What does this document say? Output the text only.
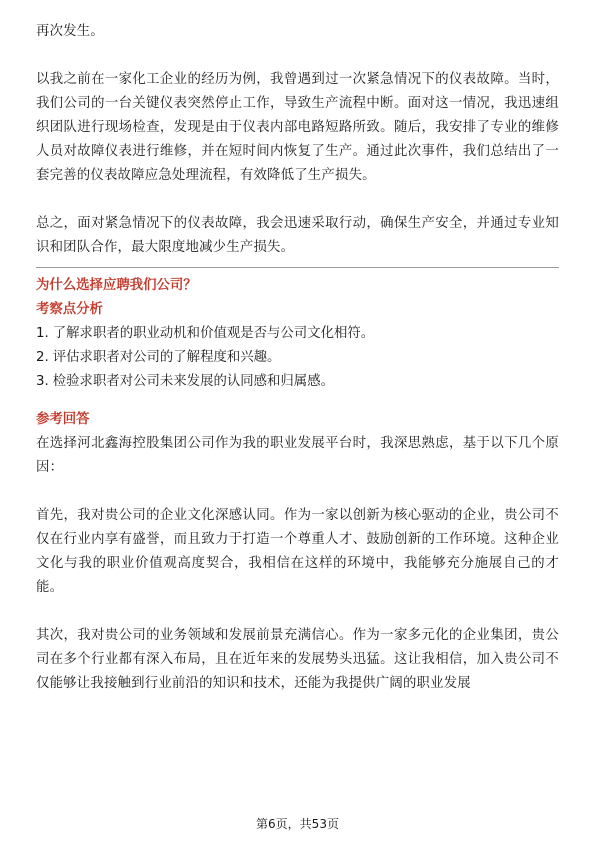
再次发生。

以我之前在一家化工企业的经历为例，我曾遇到过一次紧急情况下的仪表故障。当时，我们公司的一台关键仪表突然停止工作，导致生产流程中断。面对这一情况，我迅速组织团队进行现场检查，发现是由于仪表内部电路短路所致。随后，我安排了专业的维修人员对故障仪表进行维修，并在短时间内恢复了生产。通过此次事件，我们总结出了一套完善的仪表故障应急处理流程，有效降低了生产损失。

总之，面对紧急情况下的仪表故障，我会迅速采取行动，确保生产安全，并通过专业知识和团队合作，最大限度地减少生产损失。

为什么选择应聘我们公司？
考察点分析
1. 了解求职者的职业动机和价值观是否与公司文化相符。
2. 评估求职者对公司的了解程度和兴趣。
3. 检验求职者对公司未来发展的认同感和归属感。
参考回答

在选择河北鑫海控股集团公司作为我的职业发展平台时，我深思熟虑，基于以下几个原因：

首先，我对贵公司的企业文化深感认同。作为一家以创新为核心驱动的企业，贵公司不仅在行业内享有盛誉，而且致力于打造一个尊重人才、鼓励创新的工作环境。这种企业文化与我的职业价值观高度契合，我相信在这样的环境中，我能够充分施展自己的才能。

其次，我对贵公司的业务领域和发展前景充满信心。作为一家多元化的企业集团，贵公司在多个行业都有深入布局，且在近年来的发展势头迅猛。这让我相信，加入贵公司不仅能够让我接触到行业前沿的知识和技术，还能为我提供广阔的职业发展

第6页，共53页
